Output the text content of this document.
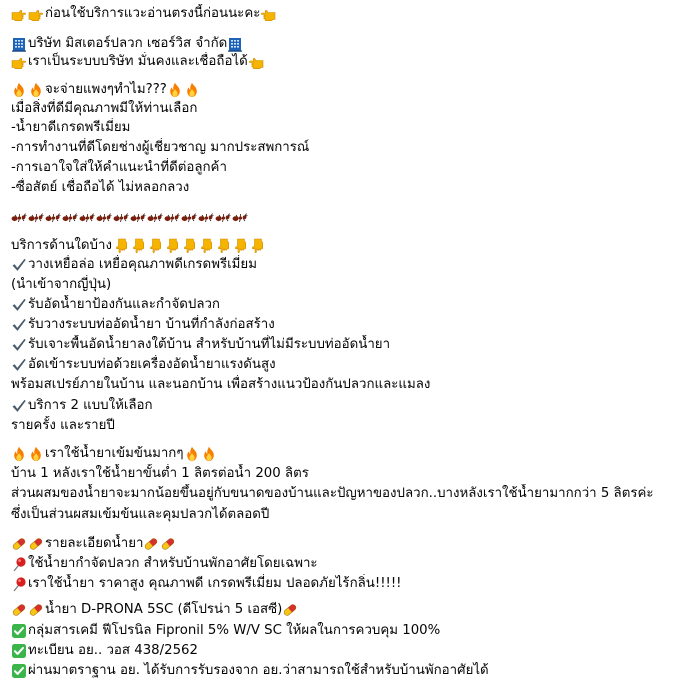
ก่อนใช้บริการแวะอ่านตรงนี้ก่อนนะคะ
บริษัท มิสเตอร์ปลวก เซอร์วิส จำกัด
เราเป็นระบบบริษัท มั่นคงและเชื่อถือได้
จะจ่ายแพงๆทำไม???
เมื่อสิ่งที่ดีมีคุณภาพมีให้ท่านเลือก
-น้ำยาดีเกรดพรีเมี่ยม
-การทำงานที่ดีโดยช่างผู้เชี่ยวชาญ มากประสพการณ์
-การเอาใจใส่ให้คำแนะนำที่ดีต่อลูกค้า
-ซื่อสัตย์ เชื่อถือได้ ไม่หลอกลวง
บริการด้านใดบ้าง
วางเหยื่อล่อ เหยื่อคุณภาพดีเกรดพรีเมี่ยม
(นำเข้าจากญี่ปุ่น)
รับอัดน้ำยาป้องกันและกำจัดปลวก
รับวางระบบท่ออัดน้ำยา บ้านที่กำลังก่อสร้าง
รับเจาะพื้นอัดน้ำยาลงใต้บ้าน สำหรับบ้านที่ไม่มีระบบท่ออัดน้ำยา
อัดเข้าระบบท่อด้วยเครื่องอัดน้ำยาแรงดันสูง
พร้อมสเปรย์ภายในบ้าน และนอกบ้าน เพื่อสร้างแนวป้องกันปลวกและแมลง
บริการ 2 แบบให้เลือก
รายครั้ง และรายปี
เราใช้น้ำยาเข้มข้นมากๆ
บ้าน 1 หลังเราใช้น้ำยาขั้นต่ำ 1 ลิตรต่อน้ำ 200 ลิตร
ส่วนผสมของน้ำยาจะมากน้อยขึ้นอยู่กับขนาดของบ้านและปัญหาของปลวก..บางหลังเราใช้น้ำยามากกว่า 5 ลิตรค่ะ ซึ่งเป็นส่วนผสมเข้มข้นและคุมปลวกได้ตลอดปี
รายละเอียดน้ำยา
ใช้น้ำยากำจัดปลวก สำหรับบ้านพักอาศัยโดยเฉพาะ
เราใช้น้ำยา ราคาสูง คุณภาพดี เกรดพรีเมี่ยม ปลอดภัยไร้กลิ่น!!!!!
น้ำยา D-PRONA 5SC (ดีโปรน่า 5 เอสซี)
กลุ่มสารเคมี ฟีโปรนิล Fipronil 5% W/V SC ให้ผลในการควบคุม 100%
ทะเบียน อย.. วอส 438/2562
ผ่านมาตราฐาน อย. ได้รับการรับรองจาก อย.ว่าสามารถใช้สำหรับบ้านพักอาศัยได้
